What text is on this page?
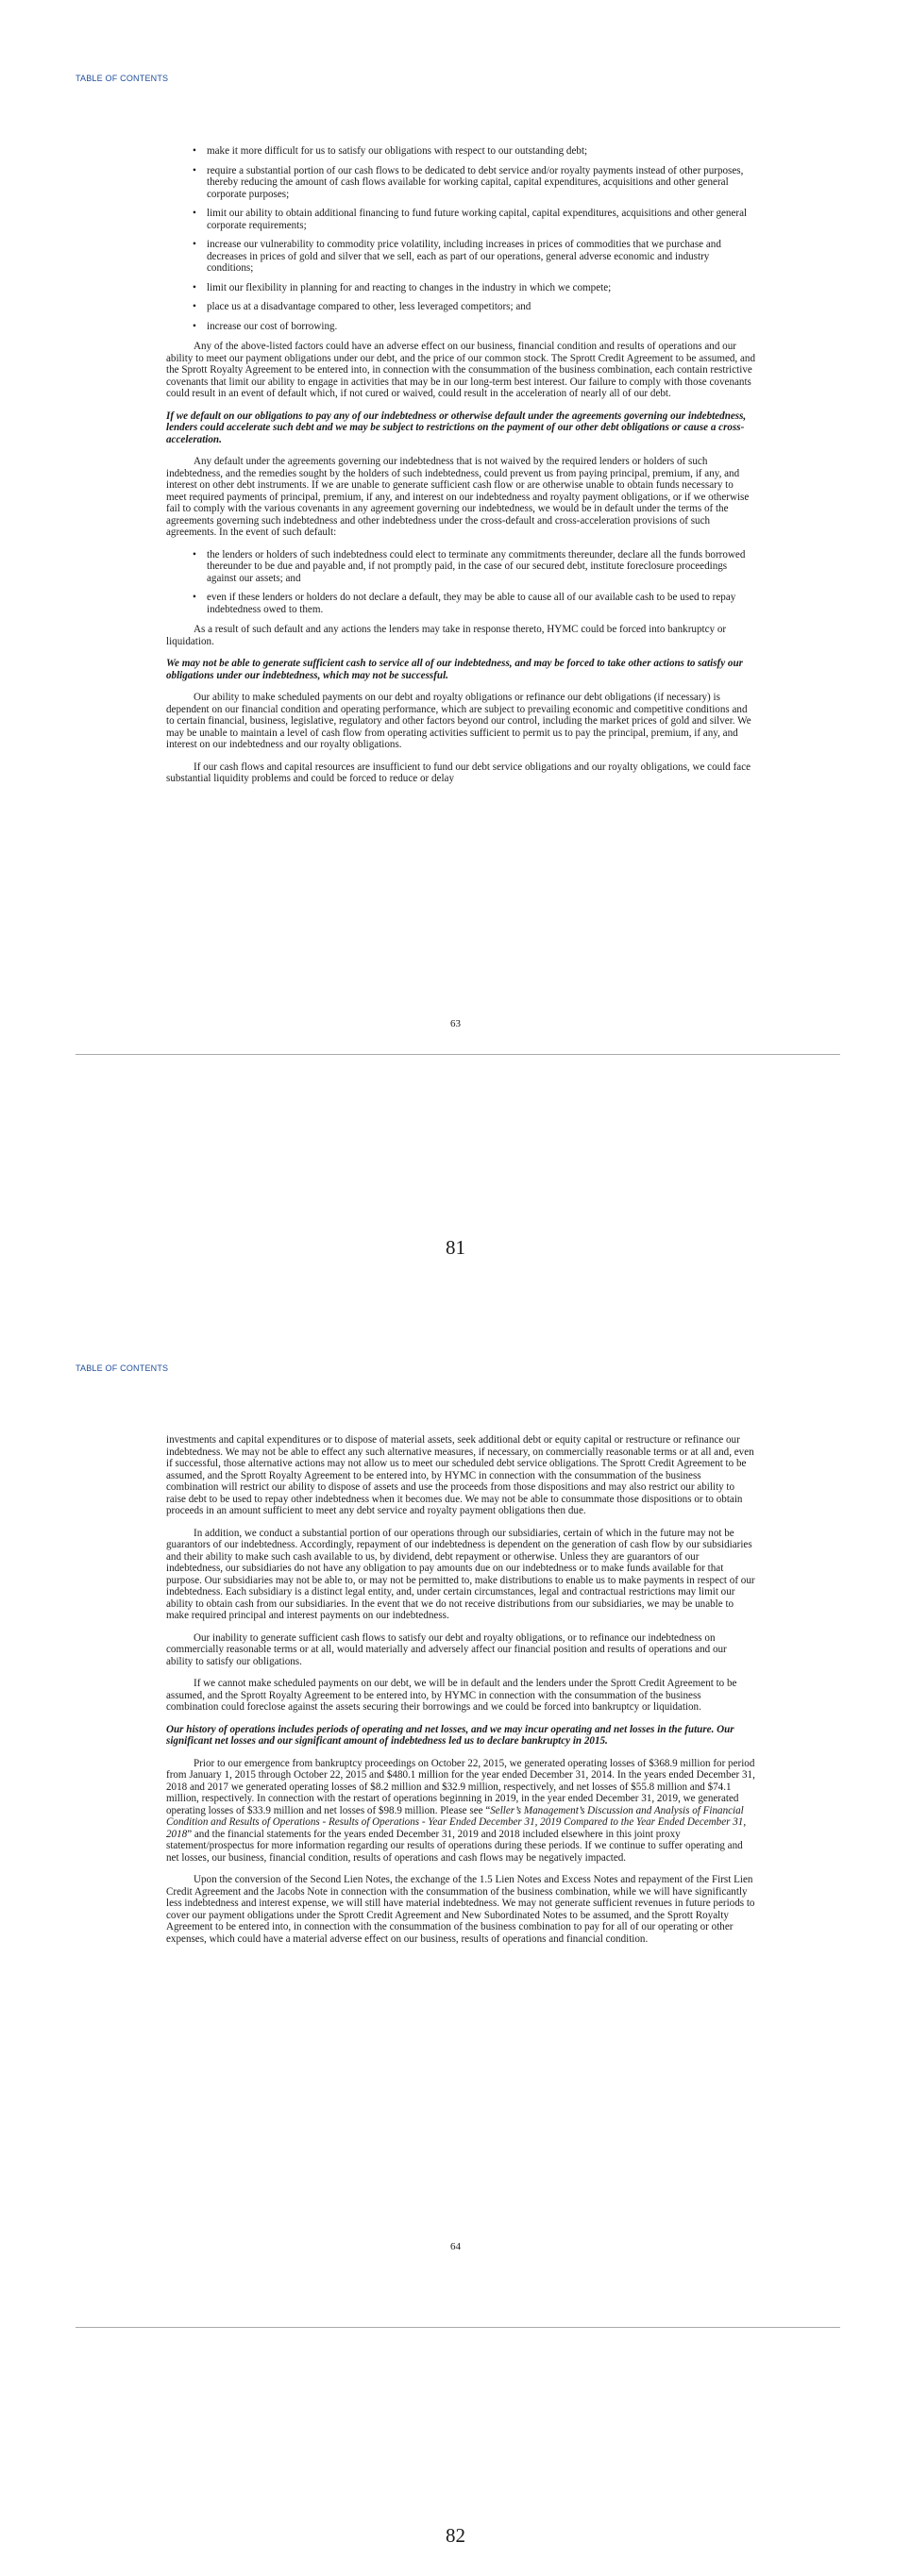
TABLE OF CONTENTS
• make it more difficult for us to satisfy our obligations with respect to our outstanding debt;
• require a substantial portion of our cash flows to be dedicated to debt service and/or royalty payments instead of other purposes, thereby reducing the amount of cash flows available for working capital, capital expenditures, acquisitions and other general corporate purposes;
• limit our ability to obtain additional financing to fund future working capital, capital expenditures, acquisitions and other general corporate requirements;
• increase our vulnerability to commodity price volatility, including increases in prices of commodities that we purchase and decreases in prices of gold and silver that we sell, each as part of our operations, general adverse economic and industry conditions;
• limit our flexibility in planning for and reacting to changes in the industry in which we compete;
• place us at a disadvantage compared to other, less leveraged competitors; and
• increase our cost of borrowing.

Any of the above-listed factors could have an adverse effect on our business, financial condition and results of operations and our ability to meet our payment obligations under our debt, and the price of our common stock. The Sprott Credit Agreement to be assumed, and the Sprott Royalty Agreement to be entered into, in connection with the consummation of the business combination, each contain restrictive covenants that limit our ability to engage in activities that may be in our long-term best interest. Our failure to comply with those covenants could result in an event of default which, if not cured or waived, could result in the acceleration of nearly all of our debt.

If we default on our obligations to pay any of our indebtedness or otherwise default under the agreements governing our indebtedness, lenders could accelerate such debt and we may be subject to restrictions on the payment of our other debt obligations or cause a cross-acceleration.

Any default under the agreements governing our indebtedness that is not waived by the required lenders or holders of such indebtedness, and the remedies sought by the holders of such indebtedness, could prevent us from paying principal, premium, if any, and interest on other debt instruments. If we are unable to generate sufficient cash flow or are otherwise unable to obtain funds necessary to meet required payments of principal, premium, if any, and interest on our indebtedness and royalty payment obligations, or if we otherwise fail to comply with the various covenants in any agreement governing our indebtedness, we would be in default under the terms of the agreements governing such indebtedness and other indebtedness under the cross-default and cross-acceleration provisions of such agreements. In the event of such default:

• the lenders or holders of such indebtedness could elect to terminate any commitments thereunder, declare all the funds borrowed thereunder to be due and payable and, if not promptly paid, in the case of our secured debt, institute foreclosure proceedings against our assets; and
• even if these lenders or holders do not declare a default, they may be able to cause all of our available cash to be used to repay indebtedness owed to them.

As a result of such default and any actions the lenders may take in response thereto, HYMC could be forced into bankruptcy or liquidation.

We may not be able to generate sufficient cash to service all of our indebtedness, and may be forced to take other actions to satisfy our obligations under our indebtedness, which may not be successful.

Our ability to make scheduled payments on our debt and royalty obligations or refinance our debt obligations (if necessary) is dependent on our financial condition and operating performance, which are subject to prevailing economic and competitive conditions and to certain financial, business, legislative, regulatory and other factors beyond our control, including the market prices of gold and silver. We may be unable to maintain a level of cash flow from operating activities sufficient to permit us to pay the principal, premium, if any, and interest on our indebtedness and our royalty obligations.

If our cash flows and capital resources are insufficient to fund our debt service obligations and our royalty obligations, we could face substantial liquidity problems and could be forced to reduce or delay

63
81
TABLE OF CONTENTS

investments and capital expenditures or to dispose of material assets, seek additional debt or equity capital or restructure or refinance our indebtedness. We may not be able to effect any such alternative measures, if necessary, on commercially reasonable terms or at all and, even if successful, those alternative actions may not allow us to meet our scheduled debt service obligations. The Sprott Credit Agreement to be assumed, and the Sprott Royalty Agreement to be entered into, by HYMC in connection with the consummation of the business combination will restrict our ability to dispose of assets and use the proceeds from those dispositions and may also restrict our ability to raise debt to be used to repay other indebtedness when it becomes due. We may not be able to consummate those dispositions or to obtain proceeds in an amount sufficient to meet any debt service and royalty payment obligations then due.

In addition, we conduct a substantial portion of our operations through our subsidiaries, certain of which in the future may not be guarantors of our indebtedness. Accordingly, repayment of our indebtedness is dependent on the generation of cash flow by our subsidiaries and their ability to make such cash available to us, by dividend, debt repayment or otherwise. Unless they are guarantors of our indebtedness, our subsidiaries do not have any obligation to pay amounts due on our indebtedness or to make funds available for that purpose. Our subsidiaries may not be able to, or may not be permitted to, make distributions to enable us to make payments in respect of our indebtedness. Each subsidiary is a distinct legal entity, and, under certain circumstances, legal and contractual restrictions may limit our ability to obtain cash from our subsidiaries. In the event that we do not receive distributions from our subsidiaries, we may be unable to make required principal and interest payments on our indebtedness.

Our inability to generate sufficient cash flows to satisfy our debt and royalty obligations, or to refinance our indebtedness on commercially reasonable terms or at all, would materially and adversely affect our financial position and results of operations and our ability to satisfy our obligations.

If we cannot make scheduled payments on our debt, we will be in default and the lenders under the Sprott Credit Agreement to be assumed, and the Sprott Royalty Agreement to be entered into, by HYMC in connection with the consummation of the business combination could foreclose against the assets securing their borrowings and we could be forced into bankruptcy or liquidation.

Our history of operations includes periods of operating and net losses, and we may incur operating and net losses in the future. Our significant net losses and our significant amount of indebtedness led us to declare bankruptcy in 2015.

Prior to our emergence from bankruptcy proceedings on October 22, 2015, we generated operating losses of $368.9 million for period from January 1, 2015 through October 22, 2015 and $480.1 million for the year ended December 31, 2014. In the years ended December 31, 2018 and 2017 we generated operating losses of $8.2 million and $32.9 million, respectively, and net losses of $55.8 million and $74.1 million, respectively. In connection with the restart of operations beginning in 2019, in the year ended December 31, 2019, we generated operating losses of $33.9 million and net losses of $98.9 million. Please see “Seller’s Management’s Discussion and Analysis of Financial Condition and Results of Operations - Results of Operations - Year Ended December 31, 2019 Compared to the Year Ended December 31, 2018” and the financial statements for the years ended December 31, 2019 and 2018 included elsewhere in this joint proxy statement/prospectus for more information regarding our results of operations during these periods. If we continue to suffer operating and net losses, our business, financial condition, results of operations and cash flows may be negatively impacted.

Upon the conversion of the Second Lien Notes, the exchange of the 1.5 Lien Notes and Excess Notes and repayment of the First Lien Credit Agreement and the Jacobs Note in connection with the consummation of the business combination, while we will have significantly less indebtedness and interest expense, we will still have material indebtedness. We may not generate sufficient revenues in future periods to cover our payment obligations under the Sprott Credit Agreement and New Subordinated Notes to be assumed, and the Sprott Royalty Agreement to be entered into, in connection with the consummation of the business combination to pay for all of our operating or other expenses, which could have a material adverse effect on our business, results of operations and financial condition.

64
82
